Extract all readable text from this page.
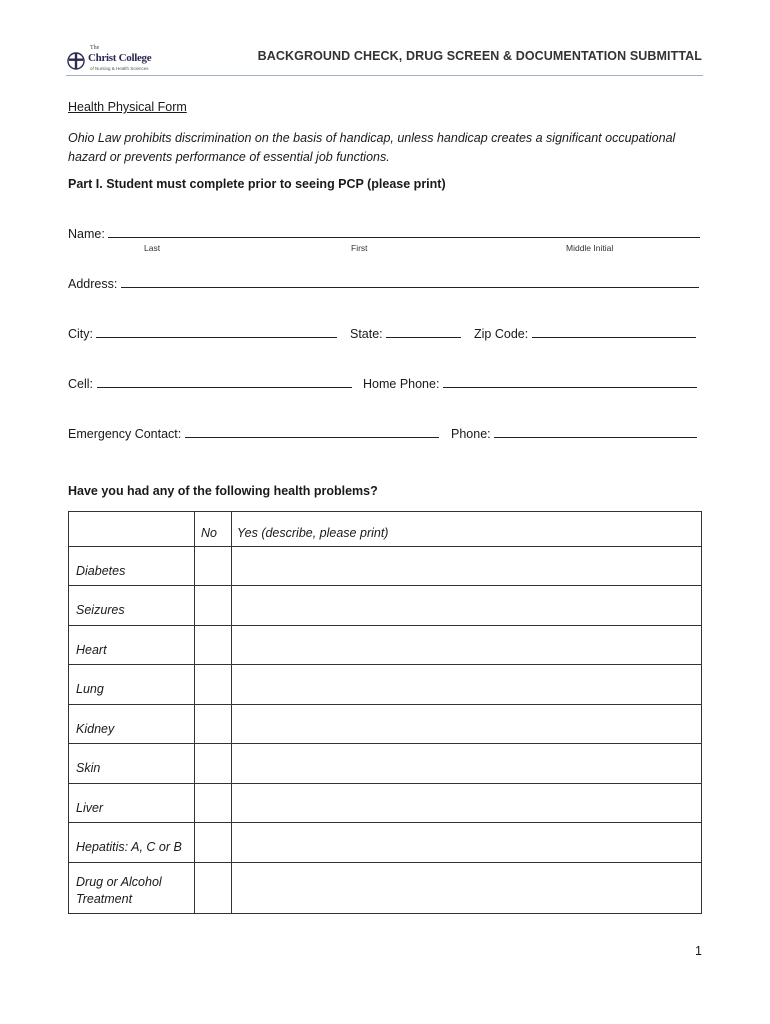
The
Christ College
of Nursing & Health Sciences
BACKGROUND CHECK, DRUG SCREEN & DOCUMENTATION SUBMITTAL
Health Physical Form
Ohio Law prohibits discrimination on the basis of handicap, unless handicap creates a significant occupational hazard or prevents performance of essential job functions.
Part I. Student must complete prior to seeing PCP (please print)
Name:
Last	First	Middle Initial
Address:
City:	State:	Zip Code:
Cell:	Home Phone:
Emergency Contact:	Phone:
Have you had any of the following health problems?
	No	Yes (describe, please print)
Diabetes		
Seizures		
Heart		
Lung		
Kidney		
Skin		
Liver		
Hepatitis: A, C or B		
Drug or Alcohol Treatment		
1
